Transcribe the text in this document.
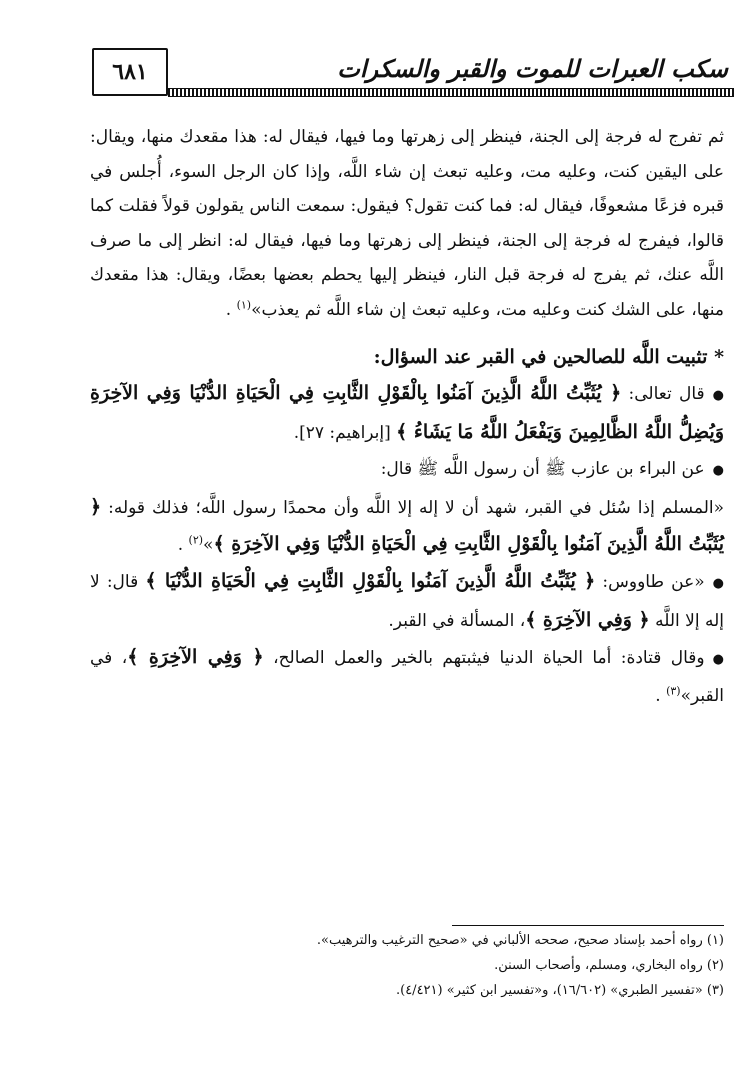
٦٨١	سكب العبرات للموت والقبر والسكرات

ثم تفرج له فرجة إلى الجنة، فينظر إلى زهرتها وما فيها، فيقال له: هذا مقعدك منها، ويقال: على اليقين كنت، وعليه مت، وعليه تبعث إن شاء اللَّه، وإذا كان الرجل السوء، أُجلس في قبره فزعًا مشعوفًا، فيقال له: فما كنت تقول؟ فيقول: سمعت الناس يقولون قولاً فقلت كما قالوا، فيفرج له فرجة إلى الجنة، فينظر إلى زهرتها وما فيها، فيقال له: انظر إلى ما صرف اللَّه عنك، ثم يفرج له فرجة قبل النار، فينظر إليها يحطم بعضها بعضًا، ويقال: هذا مقعدك منها، على الشك كنت وعليه مت، وعليه تبعث إن شاء اللَّه ثم يعذب»$^{(١)}$ .

* تثبيت اللَّه للصالحين في القبر عند السؤال:

●قال تعالى: ﴿ يُثَبِّتُ اللَّهُ الَّذِينَ آمَنُوا بِالْقَوْلِ الثَّابِتِ فِي الْحَيَاةِ الدُّنْيَا وَفِي الآخِرَةِ وَيُضِلُّ اللَّهُ الظَّالِمِينَ وَيَفْعَلُ اللَّهُ مَا يَشَاءُ ﴾ [إبراهيم: ٢٧].

●عن البراء بن عازب ﷺ أن رسول اللَّه ﷺ قال:

«المسلم إذا سُئل في القبر، شهد أن لا إله إلا اللَّه وأن محمدًا رسول اللَّه؛ فذلك قوله: ﴿ يُثَبِّتُ اللَّهُ الَّذِينَ آمَنُوا بِالْقَوْلِ الثَّابِتِ فِي الْحَيَاةِ الدُّنْيَا وَفِي الآخِرَةِ ﴾»$^{(٢)}$ .

●«عن طاووس: ﴿ يُثَبِّتُ اللَّهُ الَّذِينَ آمَنُوا بِالْقَوْلِ الثَّابِتِ فِي الْحَيَاةِ الدُّنْيَا ﴾ قال: لا إله إلا اللَّه ﴿ وَفِي الآخِرَةِ ﴾، المسألة في القبر.

●وقال قتادة: أما الحياة الدنيا فيثبتهم بالخير والعمل الصالح، ﴿ وَفِي الآخِرَةِ ﴾، في القبر»$^{(٣)}$ .

(١) رواه أحمد بإسناد صحيح، صححه الألباني في «صحيح الترغيب والترهيب».

(٢) رواه البخاري، ومسلم، وأصحاب السنن.

(٣) «تفسير الطبري» (١٦/٦٠٢)، و«تفسير ابن كثير» (٤/٤٢١).
